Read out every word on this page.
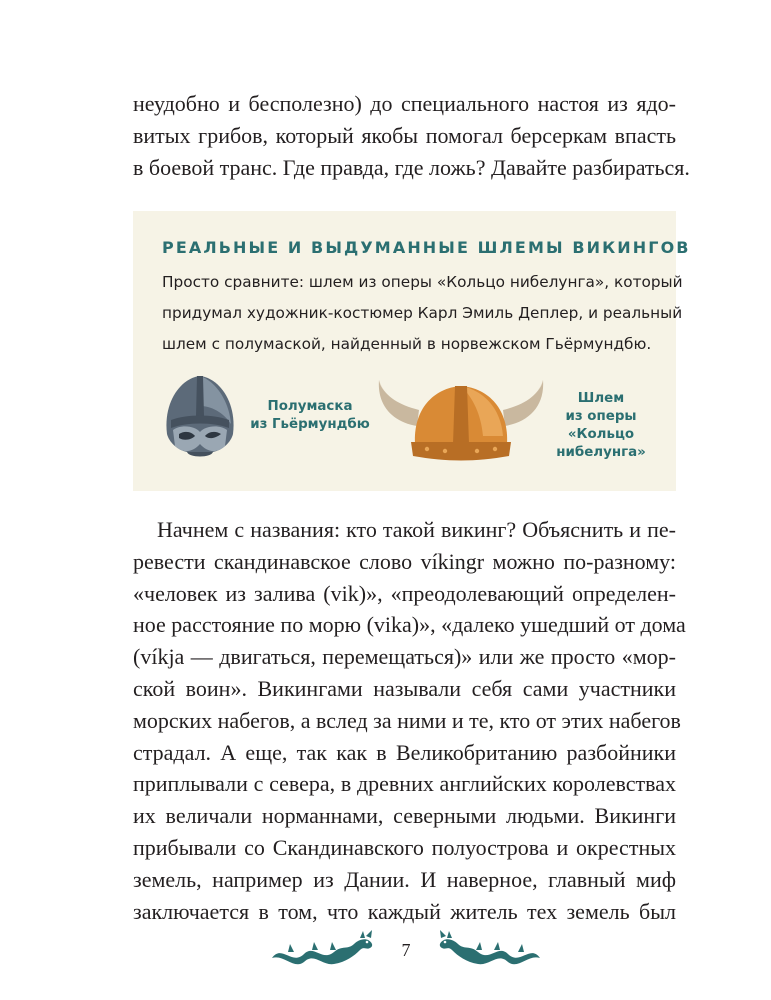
неудобно и бесполезно) до специального настоя из ядо-
витых грибов, который якобы помогал берсеркам впасть
в боевой транс. Где правда, где ложь? Давайте разбираться.
РЕАЛЬНЫЕ И ВЫДУМАННЫЕ ШЛЕМЫ ВИКИНГОВ
Просто сравните: шлем из оперы «Кольцо нибелунга», который
придумал художник-костюмер Карл Эмиль Деплер, и реальный
шлем с полумаской, найденный в норвежском Гьёрмундбю.
Полумаска
из Гьёрмундбю
Шлем
из оперы
«Кольцо
нибелунга»
Начнем с названия: кто такой викинг? Объяснить и пе-
ревести скандинавское слово víkingr можно по-разному:
«человек из залива (vik)», «преодолевающий определен-
ное расстояние по морю (vika)», «далеко ушедший от дома
(víkja — двигаться, перемещаться)» или же просто «мор-
ской воин». Викингами называли себя сами участники
морских набегов, а вслед за ними и те, кто от этих набегов
страдал. А еще, так как в Великобританию разбойники
приплывали с севера, в древних английских королевствах
их величали норманнами, северными людьми. Викинги
прибывали со Скандинавского полуострова и окрестных
земель, например из Дании. И наверное, главный миф
заключается в том, что каждый житель тех земель был
7
